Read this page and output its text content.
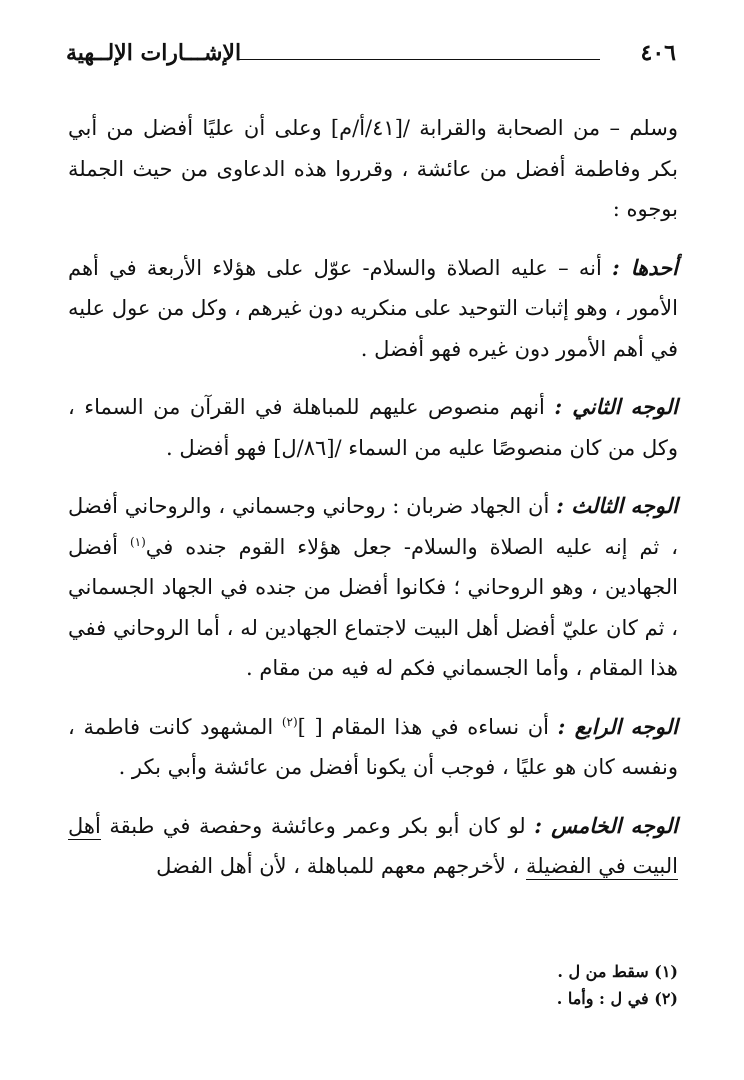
٤٠٦
الإشـــارات الإلــهية

وسلم – من الصحابة والقرابة /[٤١/أ/م] وعلى أن عليًا أفضل من أبي بكر وفاطمة أفضل من عائشة ، وقرروا هذه الدعاوى من حيث الجملة بوجوه :

أحدها : أنه – عليه الصلاة والسلام- عوّل على هؤلاء الأربعة في أهم الأمور ، وهو إثبات التوحيد على منكريه دون غيرهم ، وكل من عول عليه في أهم الأمور دون غيره فهو أفضل .

الوجه الثاني : أنهم منصوص عليهم للمباهلة في القرآن من السماء ، وكل من كان منصوصًا عليه من السماء /[٨٦/ل] فهو أفضل .

الوجه الثالث : أن الجهاد ضربان : روحاني وجسماني ، والروحاني أفضل ، ثم إنه عليه الصلاة والسلام- جعل هؤلاء القوم جنده في$^{(١)}$ أفضل الجهادين ، وهو الروحاني ؛ فكانوا أفضل من جنده في الجهاد الجسماني ، ثم كان عليّ أفضل أهل البيت لاجتماع الجهادين له ، أما الروحاني ففي هذا المقام ، وأما الجسماني فكم له فيه من مقام .

الوجه الرابع : أن نساءه في هذا المقام [ ]$^{(٢)}$ المشهود كانت فاطمة ، ونفسه كان هو عليًا ، فوجب أن يكونا أفضل من عائشة وأبي بكر .

الوجه الخامس : لو كان أبو بكر وعمر وعائشة وحفصة في طبقة أهل البيت في الفضيلة ، لأخرجهم معهم للمباهلة ، لأن أهل الفضل

(١) سقط من ل .

(٢) في ل : وأما .
